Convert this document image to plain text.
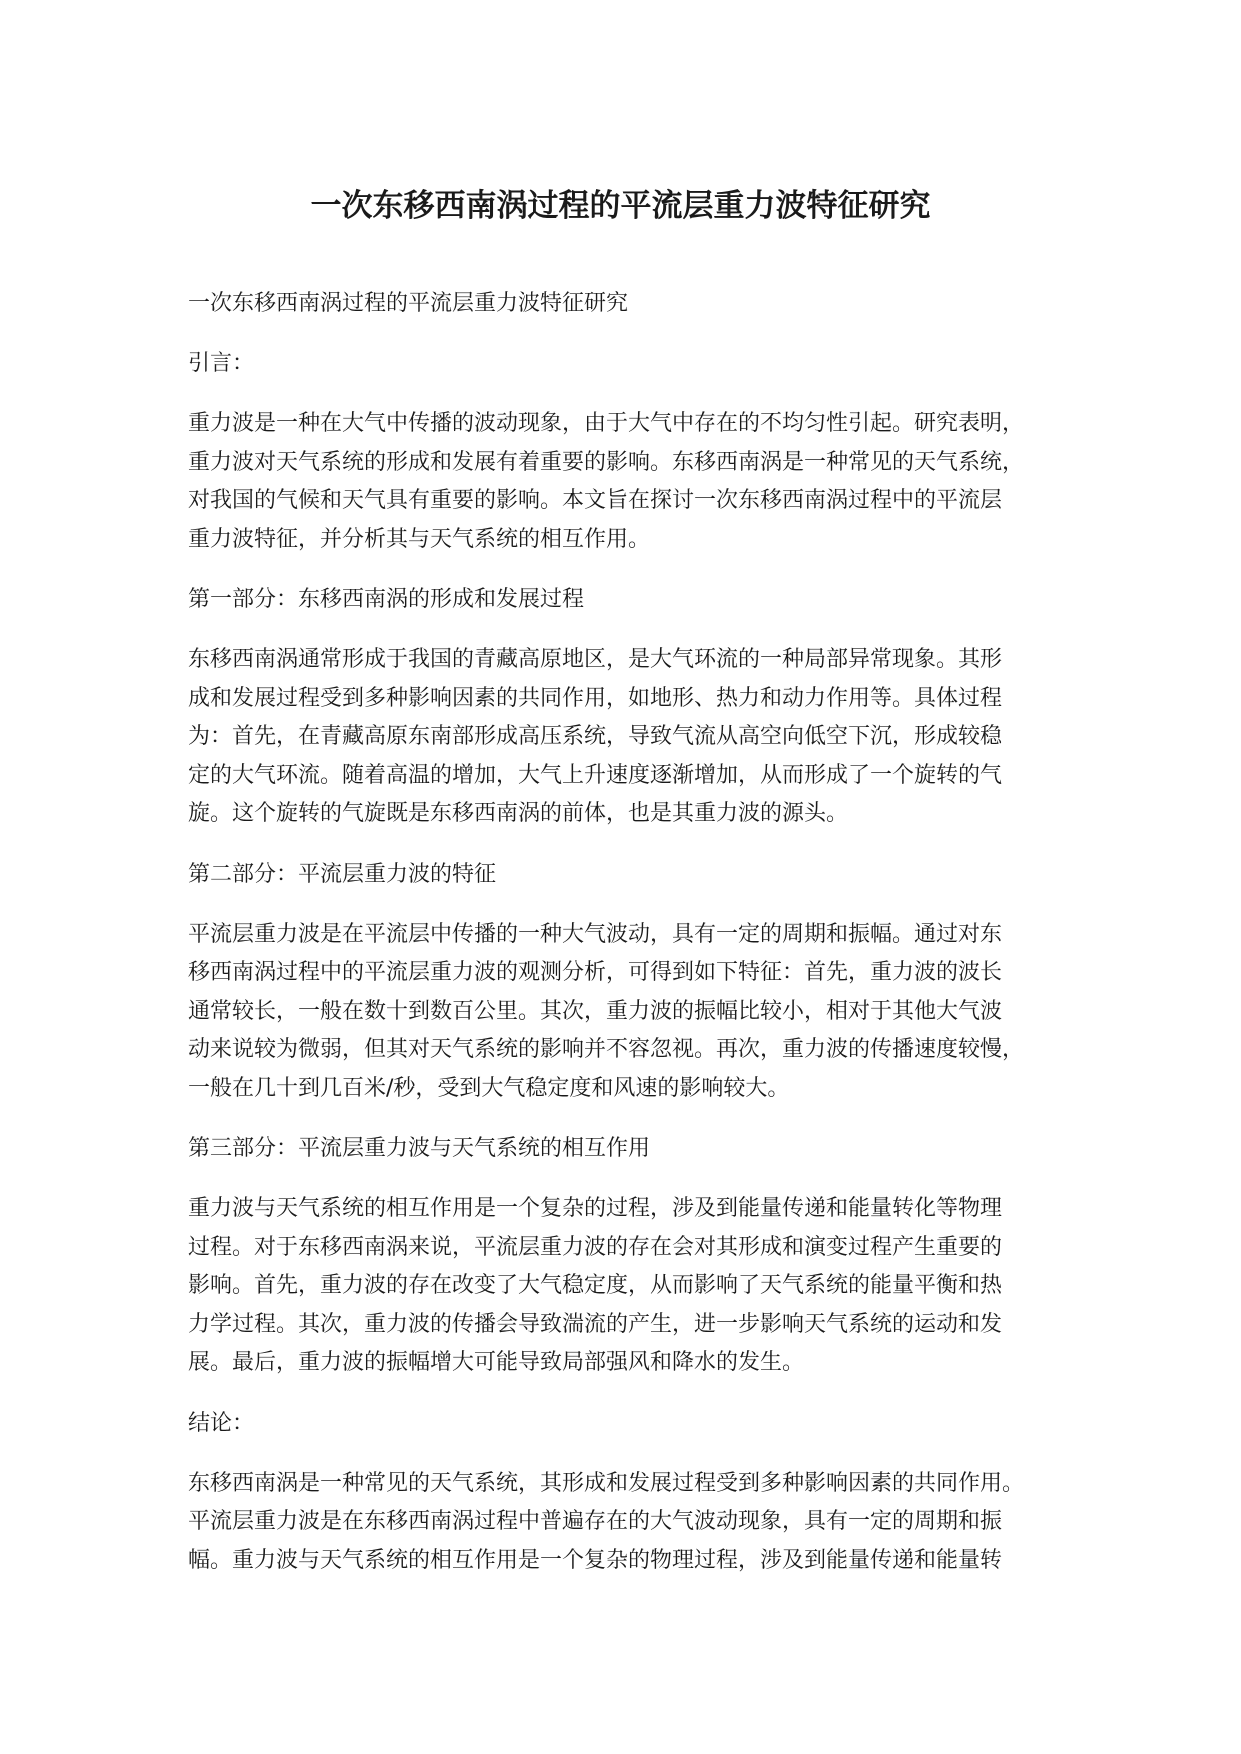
一次东移西南涡过程的平流层重力波特征研究
一次东移西南涡过程的平流层重力波特征研究
引言：
重力波是一种在大气中传播的波动现象，由于大气中存在的不均匀性引起。研究表明，
重力波对天气系统的形成和发展有着重要的影响。东移西南涡是一种常见的天气系统，
对我国的气候和天气具有重要的影响。本文旨在探讨一次东移西南涡过程中的平流层
重力波特征，并分析其与天气系统的相互作用。
第一部分：东移西南涡的形成和发展过程
东移西南涡通常形成于我国的青藏高原地区，是大气环流的一种局部异常现象。其形
成和发展过程受到多种影响因素的共同作用，如地形、热力和动力作用等。具体过程
为：首先，在青藏高原东南部形成高压系统，导致气流从高空向低空下沉，形成较稳
定的大气环流。随着高温的增加，大气上升速度逐渐增加，从而形成了一个旋转的气
旋。这个旋转的气旋既是东移西南涡的前体，也是其重力波的源头。
第二部分：平流层重力波的特征
平流层重力波是在平流层中传播的一种大气波动，具有一定的周期和振幅。通过对东
移西南涡过程中的平流层重力波的观测分析，可得到如下特征：首先，重力波的波长
通常较长，一般在数十到数百公里。其次，重力波的振幅比较小，相对于其他大气波
动来说较为微弱，但其对天气系统的影响并不容忽视。再次，重力波的传播速度较慢，
一般在几十到几百米/秒，受到大气稳定度和风速的影响较大。
第三部分：平流层重力波与天气系统的相互作用
重力波与天气系统的相互作用是一个复杂的过程，涉及到能量传递和能量转化等物理
过程。对于东移西南涡来说，平流层重力波的存在会对其形成和演变过程产生重要的
影响。首先，重力波的存在改变了大气稳定度，从而影响了天气系统的能量平衡和热
力学过程。其次，重力波的传播会导致湍流的产生，进一步影响天气系统的运动和发
展。最后，重力波的振幅增大可能导致局部强风和降水的发生。
结论：
东移西南涡是一种常见的天气系统，其形成和发展过程受到多种影响因素的共同作用。
平流层重力波是在东移西南涡过程中普遍存在的大气波动现象，具有一定的周期和振
幅。重力波与天气系统的相互作用是一个复杂的物理过程，涉及到能量传递和能量转
